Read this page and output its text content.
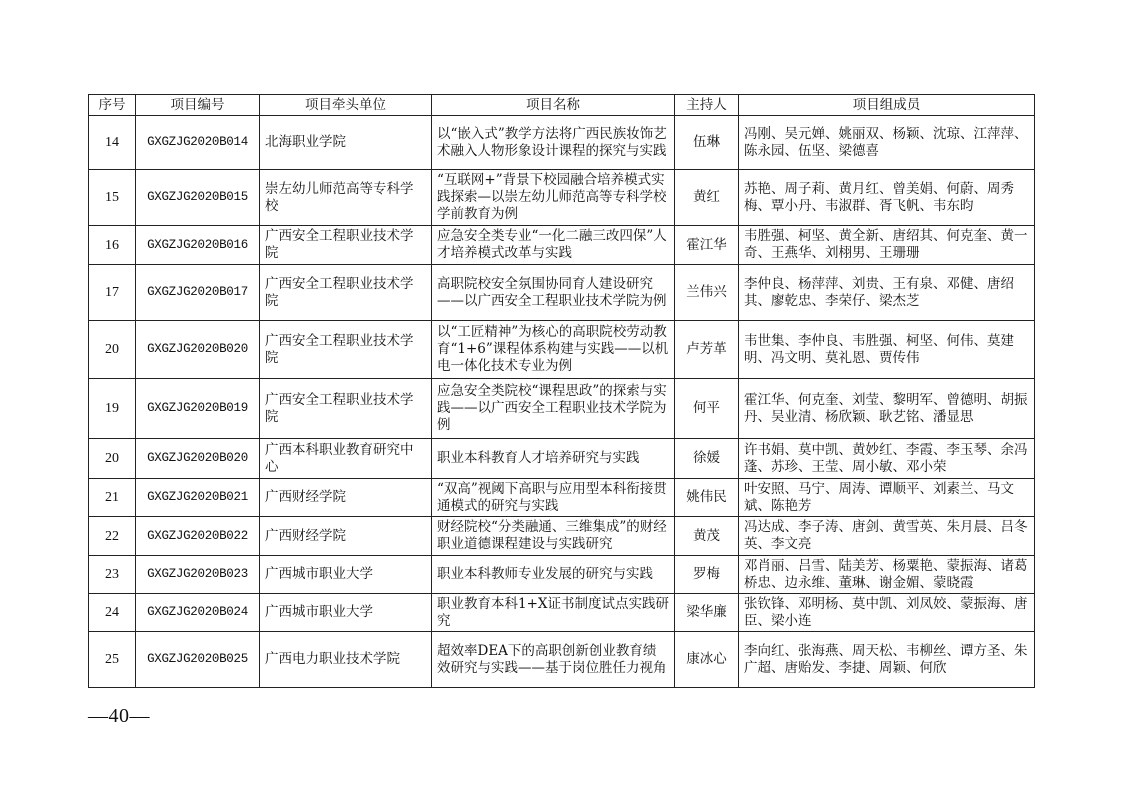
序号	项目编号	项目牵头单位	项目名称	主持人	项目组成员
14	GXGZJG2020B014	北海职业学院	以“嵌入式”教学方法将广西民族妆饰艺术融入人物形象设计课程的探究与实践	伍琳	冯刚、吴元婵、姚丽双、杨颖、沈琼、江萍萍、陈永园、伍坚、梁德喜
15	GXGZJG2020B015	崇左幼儿师范高等专科学校	“互联网+”背景下校园融合培养模式实践探索—以崇左幼儿师范高等专科学校学前教育为例	黄红	苏艳、周子莉、黄月红、曾美娟、何蔚、周秀梅、覃小丹、韦淑群、胥飞帆、韦东昀
16	GXGZJG2020B016	广西安全工程职业技术学院	应急安全类专业“一化二融三改四保”人才培养模式改革与实践	霍江华	韦胜强、柯坚、黄全新、唐绍其、何克奎、黄一奇、王燕华、刘栩男、王珊珊
17	GXGZJG2020B017	广西安全工程职业技术学院	高职院校安全氛围协同育人建设研究——以广西安全工程职业技术学院为例	兰伟兴	李仲良、杨萍萍、刘贵、王有泉、邓健、唐绍其、廖乾忠、李荣仔、梁杰芝
20	GXGZJG2020B020	广西安全工程职业技术学院	以“工匠精神”为核心的高职院校劳动教育“1+6”课程体系构建与实践——以机电一体化技术专业为例	卢芳革	韦世集、李仲良、韦胜强、柯坚、何伟、莫建明、冯文明、莫礼恩、贾传伟
19	GXGZJG2020B019	广西安全工程职业技术学院	应急安全类院校“课程思政”的探索与实践——以广西安全工程职业技术学院为例	何平	霍江华、何克奎、刘莹、黎明军、曾德明、胡振丹、吴业清、杨欣颖、耿艺铭、潘显思
20	GXGZJG2020B020	广西本科职业教育研究中心	职业本科教育人才培养研究与实践	徐媛	许书娟、莫中凯、黄妙红、李霞、李玉琴、余冯蓬、苏珍、王莹、周小敏、邓小荣
21	GXGZJG2020B021	广西财经学院	“双高”视阈下高职与应用型本科衔接贯通模式的研究与实践	姚伟民	叶安照、马宁、周涛、谭顺平、刘素兰、马文斌、陈艳芳
22	GXGZJG2020B022	广西财经学院	财经院校“分类融通、三维集成”的财经职业道德课程建设与实践研究	黄茂	冯达成、李子涛、唐剑、黄雪英、朱月晨、吕冬英、李文亮
23	GXGZJG2020B023	广西城市职业大学	职业本科教师专业发展的研究与实践	罗梅	邓肖丽、吕雪、陆美芳、杨粟艳、蒙振海、诸葛桥忠、边永维、董琳、谢金媚、蒙晓霞
24	GXGZJG2020B024	广西城市职业大学	职业教育本科1+X证书制度试点实践研究	梁华廉	张钦锋、邓明杨、莫中凯、刘凤姣、蒙振海、唐臣、梁小连
25	GXGZJG2020B025	广西电力职业技术学院	超效率DEA下的高职创新创业教育绩效研究与实践——基于岗位胜任力视角	康冰心	李向红、张海燕、周天松、韦柳丝、谭方圣、朱广超、唐贻发、李捷、周颖、何欣
—40—
